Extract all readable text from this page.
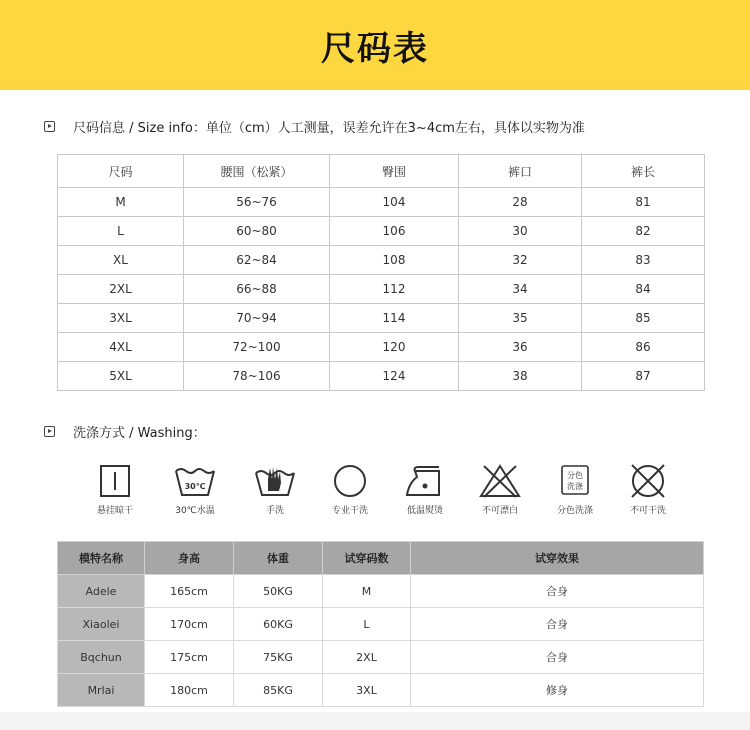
尺码表
尺码信息 / Size info：单位（cm）人工测量，误差允许在3~4cm左右，具体以实物为准
尺码	腰围（松紧）	臀围	裤口	裤长
M	56~76	104	28	81
L	60~80	106	30	82
XL	62~84	108	32	83
2XL	66~88	112	34	84
3XL	70~94	114	35	85
4XL	72~100	120	36	86
5XL	78~106	124	38	87
洗涤方式 / Washing：
悬挂晾干
30℃
30℃水温	手洗	专业干洗	低温熨烫	不可漂白
分色
洗涤
分色洗涤	不可干洗
模特名称	身高	体重	试穿码数	试穿效果
Adele	165cm	50KG	M	合身
Xiaolei	170cm	60KG	L	合身
Bqchun	175cm	75KG	2XL	合身
Mrlai	180cm	85KG	3XL	修身
